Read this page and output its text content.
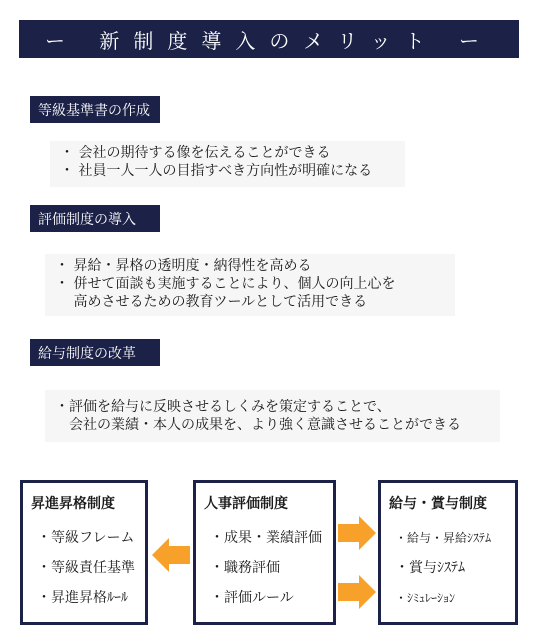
ー 新制度導入のメリット ー
等級基準書の作成
・ 会社の期待する像を伝えることができる
・ 社員一人一人の目指すべき方向性が明確になる
評価制度の導入
・ 昇給・昇格の透明度・納得性を高める
・ 併せて面談も実施することにより、個人の向上心を
　 高めさせるための教育ツールとして活用できる
給与制度の改革
・評価を給与に反映させるしくみを策定することで、
　会社の業績・本人の成果を、より強く意識させることができる
昇進昇格制度
・等級フレーム
・等級責任基準
・昇進昇格ﾙｰﾙ
人事評価制度
・成果・業績評価
・職務評価
・評価ルール
給与・賞与制度
・給与・昇給ｼｽﾃﾑ
・賞与ｼｽﾃﾑ
・ｼﾐｭﾚｰｼｮﾝ
